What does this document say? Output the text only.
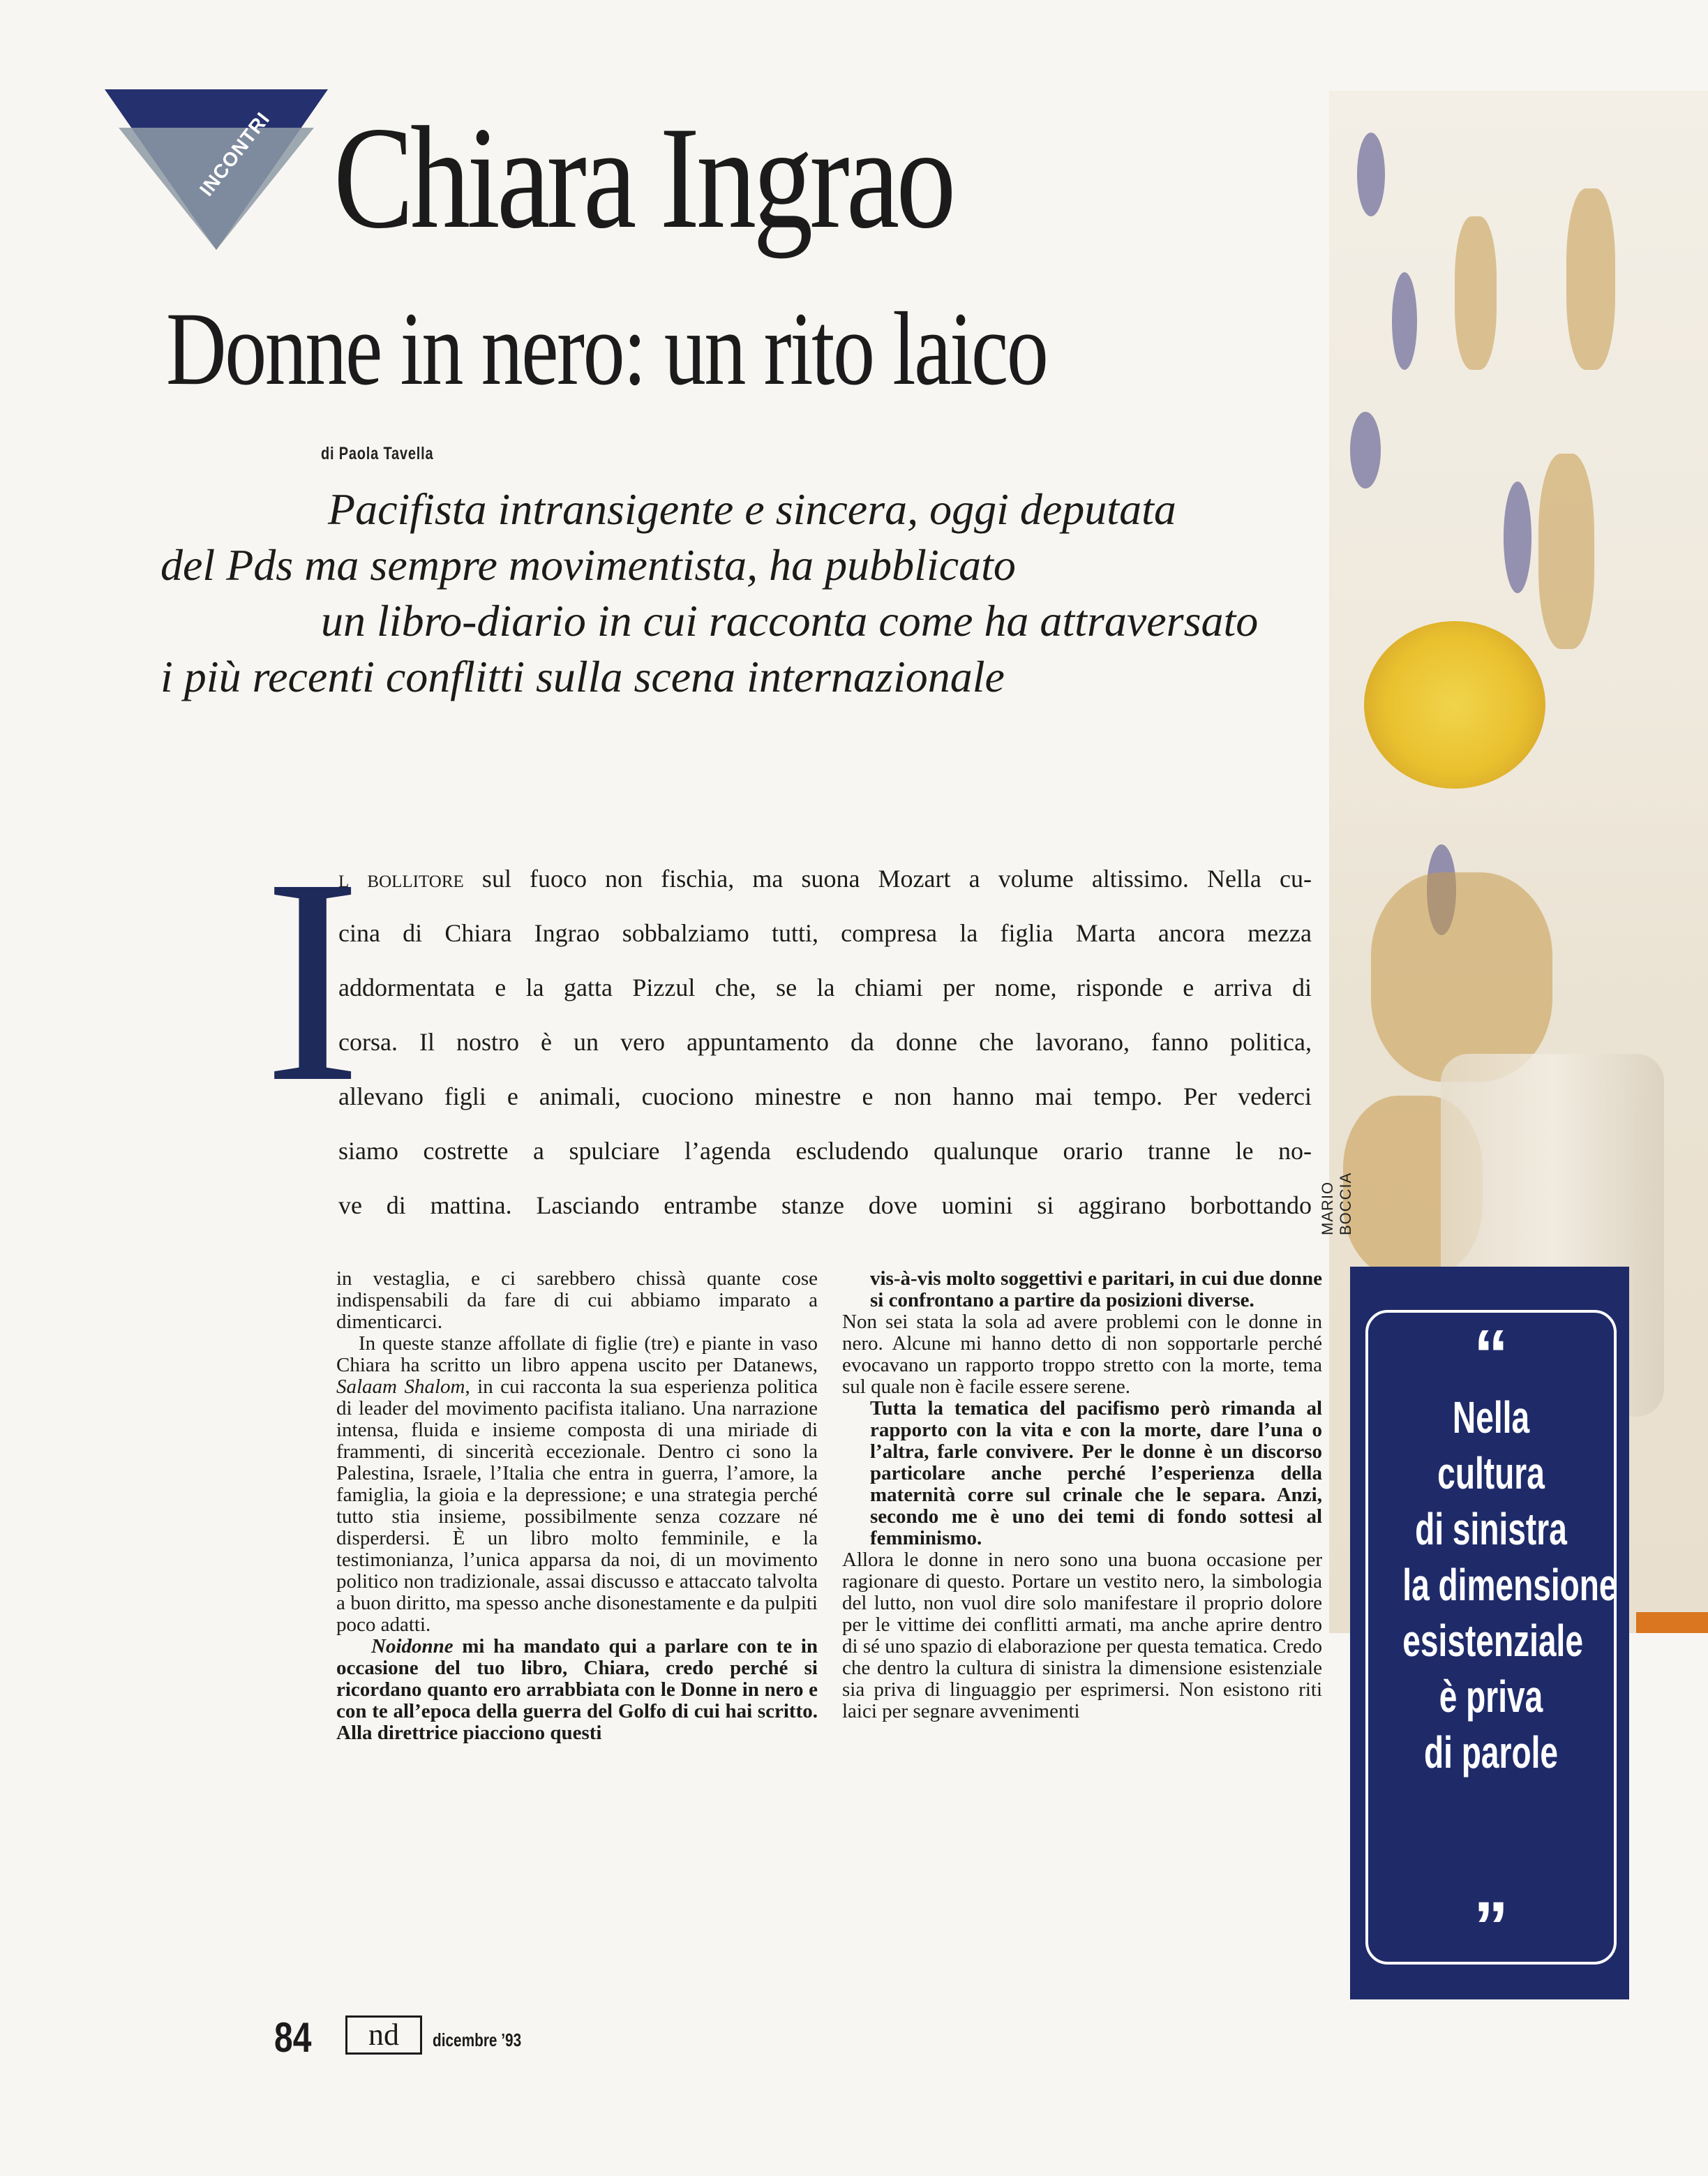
MARIO BOCCIA
INCONTRI Chiara Ingrao
Donne in nero: un rito laico
di Paola Tavella
Pacifista intransigente e sincera, oggi deputata
del Pds ma sempre movimentista, ha pubblicato
un libro-diario in cui racconta come ha attraversato
i più recenti conflitti sulla scena internazionale
I
l bollitore sul fuoco non fischia, ma suona Mozart a volume altissimo. Nella cu-
cina di Chiara Ingrao sobbalziamo tutti, compresa la figlia Marta ancora mezza
addormentata e la gatta Pizzul che, se la chiami per nome, risponde e arriva di
corsa. Il nostro è un vero appuntamento da donne che lavorano, fanno politica,
allevano figli e animali, cuociono minestre e non hanno mai tempo. Per vederci
siamo costrette a spulciare l’agenda escludendo qualunque orario tranne le no-
ve di mattina. Lasciando entrambe stanze dove uomini si aggirano borbottando

in vestaglia, e ci sarebbero chissà quante cose indispensabili da fare di cui abbiamo imparato a dimenticarci.

In queste stanze affollate di figlie (tre) e piante in vaso Chiara ha scritto un libro appena uscito per Datanews, Salaam Shalom, in cui racconta la sua esperienza politica di leader del movimento pacifista italiano. Una narrazione intensa, fluida e insieme composta di una miriade di frammenti, di sincerità eccezionale. Dentro ci sono la Palestina, Israele, l’Italia che entra in guerra, l’amore, la famiglia, la gioia e la depressione; e una strategia perché tutto stia insieme, possibilmente senza cozzare né disperdersi. È un libro molto femminile, e la testimonianza, l’unica apparsa da noi, di un movimento politico non tradizionale, assai discusso e attaccato talvolta a buon diritto, ma spesso anche disonestamente e da pulpiti poco adatti.

Noidonne mi ha mandato qui a parlare con te in occasione del tuo libro, Chiara, credo perché si ricordano quanto ero arrabbiata con le Donne in nero e con te all’epoca della guerra del Golfo di cui hai scritto. Alla direttrice piacciono questi

vis-à-vis molto soggettivi e paritari, in cui due donne si confrontano a partire da posizioni diverse.

Non sei stata la sola ad avere problemi con le donne in nero. Alcune mi hanno detto di non sopportarle perché evocavano un rapporto troppo stretto con la morte, tema sul quale non è facile essere serene.

Tutta la tematica del pacifismo però rimanda al rapporto con la vita e con la morte, dare l’una o l’altra, farle convivere. Per le donne è un discorso particolare anche perché l’esperienza della maternità corre sul crinale che le separa. Anzi, secondo me è uno dei temi di fondo sottesi al femminismo.

Allora le donne in nero sono una buona occasione per ragionare di questo. Portare un vestito nero, la simbologia del lutto, non vuol dire solo manifestare il proprio dolore per le vittime dei conflitti armati, ma anche aprire dentro di sé uno spazio di elaborazione per questa tematica. Credo che dentro la cultura di sinistra la dimensione esistenziale sia priva di linguaggio per esprimersi. Non esistono riti laici per segnare avvenimenti

“
Nella
cultura
di sinistra
la dimensione
esistenziale
è priva
di parole
”
84	nd	dicembre ’93
